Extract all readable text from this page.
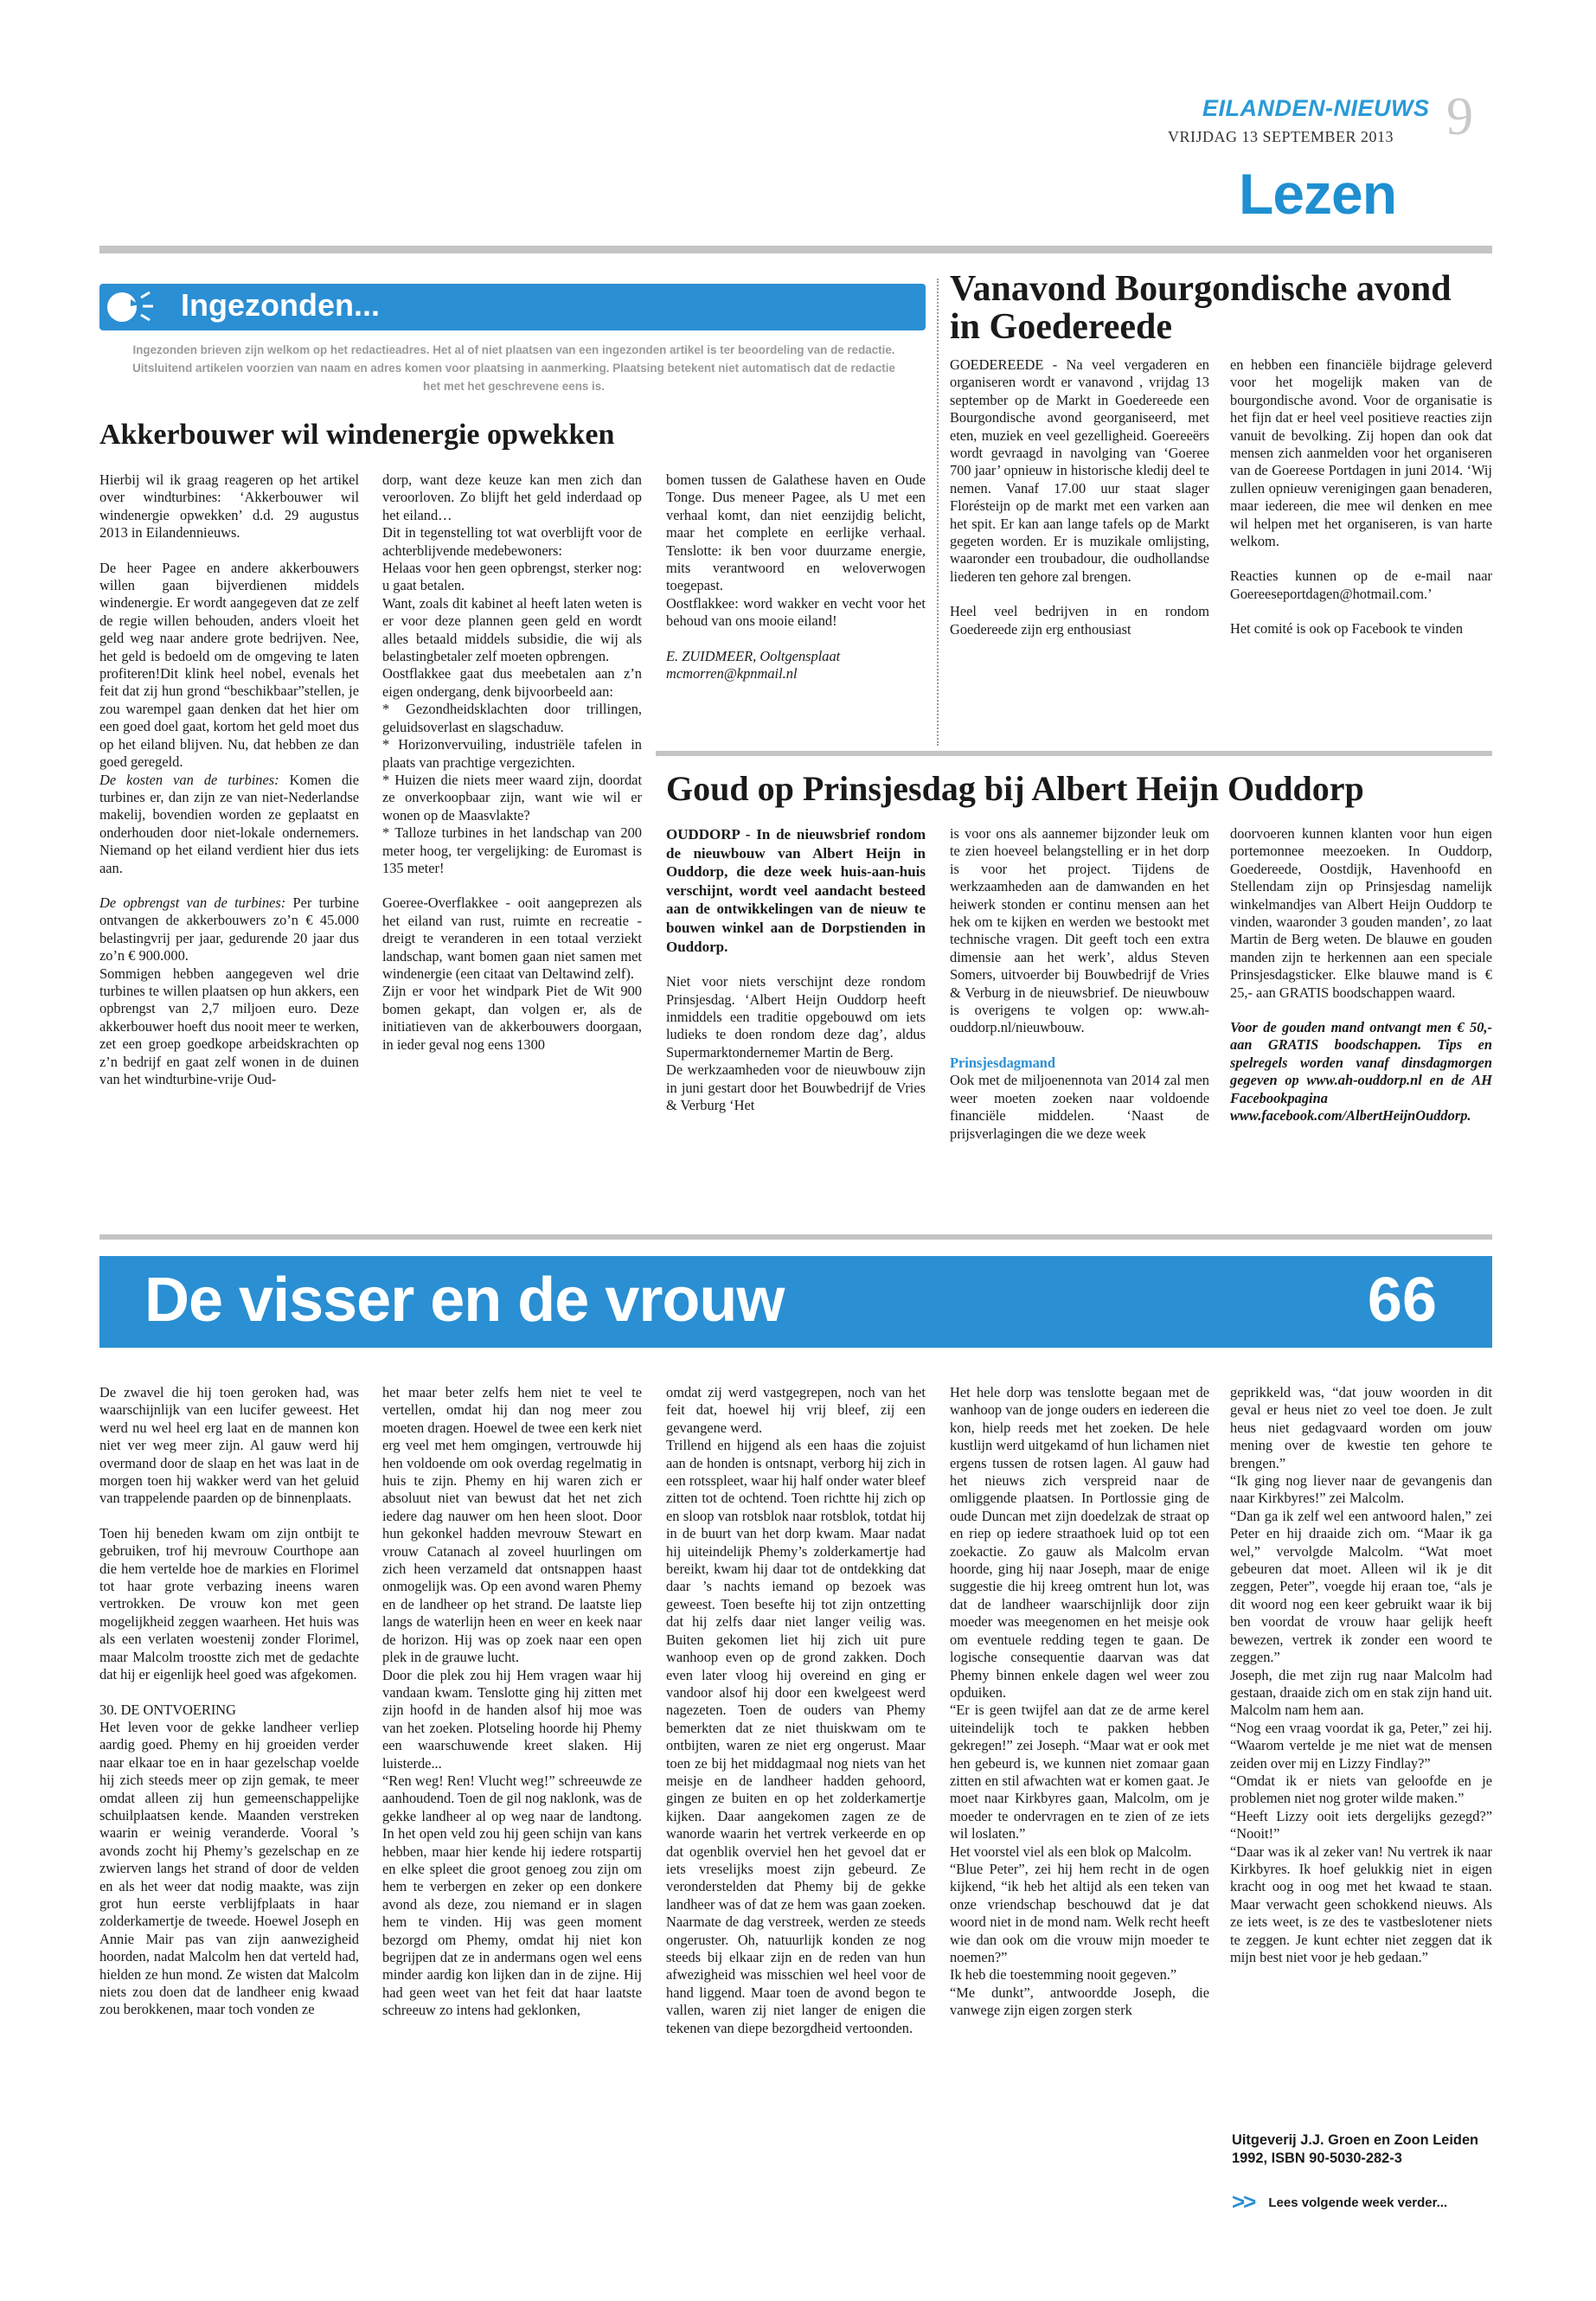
EILANDEN-NIEUWS
VRIJDAG 13 SEPTEMBER 2013 9
Lezen
Ingezonden...
Ingezonden brieven zijn welkom op het redactieadres. Het al of niet plaatsen van een ingezonden artikel is ter beoordeling van de redactie.
Uitsluitend artikelen voorzien van naam en adres komen voor plaatsing in aanmerking. Plaatsing betekent niet automatisch dat de redactie
het met het geschrevene eens is.
Akkerbouwer wil windenergie opwekken

Hierbij wil ik graag reageren op het artikel over windturbines: ‘Akkerbouwer wil windenergie opwekken’ d.d. 29 augustus 2013 in Eilandennieuws.

De heer Pagee en andere akkerbouwers willen gaan bijverdienen middels windenergie. Er wordt aangegeven dat ze zelf de regie willen behouden, anders vloeit het geld weg naar andere grote bedrijven. Nee, het geld is bedoeld om de omgeving te laten profiteren!Dit klink heel nobel, evenals het feit dat zij hun grond “beschikbaar”stellen, je zou warempel gaan denken dat het hier om een goed doel gaat, kortom het geld moet dus op het eiland blijven. Nu, dat hebben ze dan goed geregeld.

De kosten van de turbines: Komen die turbines er, dan zijn ze van niet-Nederlandse makelij, bovendien worden ze geplaatst en onderhouden door niet-lokale ondernemers. Niemand op het eiland verdient hier dus iets aan.

De opbrengst van de turbines: Per turbine ontvangen de akkerbouwers zo’n € 45.000 belastingvrij per jaar, gedurende 20 jaar dus zo’n € 900.000.

Sommigen hebben aangegeven wel drie turbines te willen plaatsen op hun akkers, een opbrengst van 2,7 miljoen euro. Deze akkerbouwer hoeft dus nooit meer te werken, zet een groep goedkope arbeidskrachten op z’n bedrijf en gaat zelf wonen in de duinen van het windturbine-vrije Oud-

dorp, want deze keuze kan men zich dan veroorloven. Zo blijft het geld inderdaad op het eiland…

Dit in tegenstelling tot wat overblijft voor de achterblijvende medebewoners:

Helaas voor hen geen opbrengst, sterker nog: u gaat betalen.

Want, zoals dit kabinet al heeft laten weten is er voor deze plannen geen geld en wordt alles betaald middels subsidie, die wij als belastingbetaler zelf moeten opbrengen.

Oostflakkee gaat dus meebetalen aan z’n eigen ondergang, denk bijvoorbeeld aan:

* Gezondheidsklachten door trillingen, geluidsoverlast en slagschaduw.

* Horizonvervuiling, industriële tafelen in plaats van prachtige vergezichten.

* Huizen die niets meer waard zijn, doordat ze onverkoopbaar zijn, want wie wil er wonen op de Maasvlakte?

* Talloze turbines in het landschap van 200 meter hoog, ter vergelijking: de Euromast is 135 meter!

Goeree-Overflakkee - ooit aangeprezen als het eiland van rust, ruimte en recreatie - dreigt te veranderen in een totaal verziekt landschap, want bomen gaan niet samen met windenergie (een citaat van Deltawind zelf).

Zijn er voor het windpark Piet de Wit 900 bomen gekapt, dan volgen er, als de initiatieven van de akkerbouwers doorgaan, in ieder geval nog eens 1300

bomen tussen de Galathese haven en Oude Tonge. Dus meneer Pagee, als U met een verhaal komt, dan niet eenzijdig belicht, maar het complete en eerlijke verhaal. Tenslotte: ik ben voor duurzame energie, mits verantwoord en weloverwogen toegepast.

Oostflakkee: word wakker en vecht voor het behoud van ons mooie eiland!

E. ZUIDMEER, Ooltgensplaat

mcmorren@kpnmail.nl

Vanavond Bourgondische avond
in Goedereede

GOEDEREEDE - Na veel vergaderen en organiseren wordt er vanavond , vrijdag 13 september op de Markt in Goedereede een Bourgondische avond georganiseerd, met eten, muziek en veel gezelligheid. Goereeërs wordt gevraagd in navolging van ‘Goeree 700 jaar’ opnieuw in historische kledij deel te nemen. Vanaf 17.00 uur staat slager Florésteijn op de markt met een varken aan het spit. Er kan aan lange tafels op de Markt gegeten worden. Er is muzikale omlijsting, waaronder een troubadour, die oudhollandse liederen ten gehore zal brengen.

Heel veel bedrijven in en rondom Goedereede zijn erg enthousiast

en hebben een financiële bijdrage geleverd voor het mogelijk maken van de bourgondische avond. Voor de organisatie is het fijn dat er heel veel positieve reacties zijn vanuit de bevolking. Zij hopen dan ook dat mensen zich aanmelden voor het organiseren van de Goereese Portdagen in juni 2014. ‘Wij zullen opnieuw verenigingen gaan benaderen, maar iedereen, die mee wil denken en mee wil helpen met het organiseren, is van harte welkom.

Reacties kunnen op de e-mail naar Goereeseportdagen@hotmail.com.’

Het comité is ook op Facebook te vinden

Goud op Prinsjesdag bij Albert Heijn Ouddorp

OUDDORP - In de nieuwsbrief rondom de nieuwbouw van Albert Heijn in Ouddorp, die deze week huis-aan-huis verschijnt, wordt veel aandacht besteed aan de ontwikkelingen van de nieuw te bouwen winkel aan de Dorpstienden in Ouddorp.

Niet voor niets verschijnt deze rondom Prinsjesdag. ‘Albert Heijn Ouddorp heeft inmiddels een traditie opgebouwd om iets ludieks te doen rondom deze dag’, aldus Supermarktondernemer Martin de Berg.

De werkzaamheden voor de nieuwbouw zijn in juni gestart door het Bouwbedrijf de Vries & Verburg ‘Het

is voor ons als aannemer bijzonder leuk om te zien hoeveel belangstelling er in het dorp is voor het project. Tijdens de werkzaamheden aan de damwanden en het heiwerk stonden er continu mensen aan het hek om te kijken en werden we bestookt met technische vragen. Dit geeft toch een extra dimensie aan het werk’, aldus Steven Somers, uitvoerder bij Bouwbedrijf de Vries & Verburg in de nieuwsbrief. De nieuwbouw is overigens te volgen op: www.ah-ouddorp.nl/nieuwbouw.

Prinsjesdagmand

Ook met de miljoenennota van 2014 zal men weer moeten zoeken naar voldoende financiële middelen. ‘Naast de prijsverlagingen die we deze week

doorvoeren kunnen klanten voor hun eigen portemonnee meezoeken. In Ouddorp, Goedereede, Oostdijk, Havenhoofd en Stellendam zijn op Prinsjesdag namelijk winkelmandjes van Albert Heijn Ouddorp te vinden, waaronder 3 gouden manden’, zo laat Martin de Berg weten. De blauwe en gouden manden zijn te herkennen aan een speciale Prinsjesdagsticker. Elke blauwe mand is € 25,- aan GRATIS boodschappen waard.

Voor de gouden mand ontvangt men € 50,- aan GRATIS boodschappen. Tips en spelregels worden vanaf dinsdagmorgen gegeven op www.ah-ouddorp.nl en de AH Facebookpagina www.facebook.com/AlbertHeijnOuddorp.

De visser en de vrouw	66

De zwavel die hij toen geroken had, was waarschijnlijk van een lucifer geweest. Het werd nu wel heel erg laat en de mannen kon niet ver weg meer zijn. Al gauw werd hij overmand door de slaap en het was laat in de morgen toen hij wakker werd van het geluid van trappelende paarden op de binnenplaats.

Toen hij beneden kwam om zijn ontbijt te gebruiken, trof hij mevrouw Courthope aan die hem vertelde hoe de markies en Florimel tot haar grote verbazing ineens waren vertrokken. De vrouw kon met geen mogelijkheid zeggen waarheen. Het huis was als een verlaten woestenij zonder Florimel, maar Malcolm troostte zich met de gedachte dat hij er eigenlijk heel goed was afgekomen.

30. DE ONTVOERING

Het leven voor de gekke landheer verliep aardig goed. Phemy en hij groeiden verder naar elkaar toe en in haar gezelschap voelde hij zich steeds meer op zijn gemak, te meer omdat alleen zij hun gemeenschappelijke schuilplaatsen kende. Maanden verstreken waarin er weinig veranderde. Vooral ’s avonds zocht hij Phemy’s gezelschap en ze zwierven langs het strand of door de velden en als het weer dat nodig maakte, was zijn grot hun eerste verblijfplaats in haar zolderkamertje de tweede. Hoewel Joseph en Annie Mair pas van zijn aanwezigheid hoorden, nadat Malcolm hen dat verteld had, hielden ze hun mond. Ze wisten dat Malcolm niets zou doen dat de landheer enig kwaad zou berokkenen, maar toch vonden ze

het maar beter zelfs hem niet te veel te vertellen, omdat hij dan nog meer zou moeten dragen. Hoewel de twee een kerk niet erg veel met hem omgingen, vertrouwde hij hen voldoende om ook overdag regelmatig in huis te zijn. Phemy en hij waren zich er absoluut niet van bewust dat het net zich iedere dag nauwer om hen heen sloot. Door hun gekonkel hadden mevrouw Stewart en vrouw Catanach al zoveel huurlingen om zich heen verzameld dat ontsnappen haast onmogelijk was. Op een avond waren Phemy en de landheer op het strand. De laatste liep langs de waterlijn heen en weer en keek naar de horizon. Hij was op zoek naar een open plek in de grauwe lucht.

Door die plek zou hij Hem vragen waar hij vandaan kwam. Tenslotte ging hij zitten met zijn hoofd in de handen alsof hij moe was van het zoeken. Plotseling hoorde hij Phemy een waarschuwende kreet slaken. Hij luisterde...

“Ren weg! Ren! Vlucht weg!” schreeuwde ze aanhoudend. Toen de gil nog naklonk, was de gekke landheer al op weg naar de landtong. In het open veld zou hij geen schijn van kans hebben, maar hier kende hij iedere rotspartij en elke spleet die groot genoeg zou zijn om hem te verbergen en zeker op een donkere avond als deze, zou niemand er in slagen hem te vinden. Hij was geen moment bezorgd om Phemy, omdat hij niet kon begrijpen dat ze in andermans ogen wel eens minder aardig kon lijken dan in de zijne. Hij had geen weet van het feit dat haar laatste schreeuw zo intens had geklonken,

omdat zij werd vastgegrepen, noch van het feit dat, hoewel hij vrij bleef, zij een gevangene werd.

Trillend en hijgend als een haas die zojuist aan de honden is ontsnapt, verborg hij zich in een rotsspleet, waar hij half onder water bleef zitten tot de ochtend. Toen richtte hij zich op en sloop van rotsblok naar rotsblok, totdat hij in de buurt van het dorp kwam. Maar nadat hij uiteindelijk Phemy’s zolderkamertje had bereikt, kwam hij daar tot de ontdekking dat daar ’s nachts iemand op bezoek was geweest. Toen besefte hij tot zijn ontzetting dat hij zelfs daar niet langer veilig was. Buiten gekomen liet hij zich uit pure wanhoop even op de grond zakken. Doch even later vloog hij overeind en ging er vandoor alsof hij door een kwelgeest werd nagezeten. Toen de ouders van Phemy bemerkten dat ze niet thuiskwam om te ontbijten, waren ze niet erg ongerust. Maar toen ze bij het middagmaal nog niets van het meisje en de landheer hadden gehoord, gingen ze buiten en op het zolderkamertje kijken. Daar aangekomen zagen ze de wanorde waarin het vertrek verkeerde en op dat ogenblik overviel hen het gevoel dat er iets vreselijks moest zijn gebeurd. Ze veronderstelden dat Phemy bij de gekke landheer was of dat ze hem was gaan zoeken. Naarmate de dag verstreek, werden ze steeds ongeruster. Oh, natuurlijk konden ze nog steeds bij elkaar zijn en de reden van hun afwezigheid was misschien wel heel voor de hand liggend. Maar toen de avond begon te vallen, waren zij niet langer de enigen die tekenen van diepe bezorgdheid vertoonden.

Het hele dorp was tenslotte begaan met de wanhoop van de jonge ouders en iedereen die kon, hielp reeds met het zoeken. De hele kustlijn werd uitgekamd of hun lichamen niet ergens tussen de rotsen lagen. Al gauw had het nieuws zich verspreid naar de omliggende plaatsen. In Portlossie ging de oude Duncan met zijn doedelzak de straat op en riep op iedere straathoek luid op tot een zoekactie. Zo gauw als Malcolm ervan hoorde, ging hij naar Joseph, maar de enige suggestie die hij kreeg omtrent hun lot, was dat de landheer waarschijnlijk door zijn moeder was meegenomen en het meisje ook om eventuele redding tegen te gaan. De logische consequentie daarvan was dat Phemy binnen enkele dagen wel weer zou opduiken.

“Er is geen twijfel aan dat ze de arme kerel uiteindelijk toch te pakken hebben gekregen!” zei Joseph. “Maar wat er ook met hen gebeurd is, we kunnen niet zomaar gaan zitten en stil afwachten wat er komen gaat. Je moet naar Kirkbyres gaan, Malcolm, om je moeder te ondervragen en te zien of ze iets wil loslaten.”

Het voorstel viel als een blok op Malcolm.

“Blue Peter”, zei hij hem recht in de ogen kijkend, “ik heb het altijd als een teken van onze vriendschap beschouwd dat je dat woord niet in de mond nam. Welk recht heeft wie dan ook om die vrouw mijn moeder te noemen?”

Ik heb die toestemming nooit gegeven.”

“Me dunkt”, antwoordde Joseph, die vanwege zijn eigen zorgen sterk

geprikkeld was, “dat jouw woorden in dit geval er heus niet zo veel toe doen. Je zult heus niet gedagvaard worden om jouw mening over de kwestie ten gehore te brengen.”

“Ik ging nog liever naar de gevangenis dan naar Kirkbyres!” zei Malcolm.

“Dan ga ik zelf wel een antwoord halen,” zei Peter en hij draaide zich om. “Maar ik ga wel,” vervolgde Malcolm. “Wat moet gebeuren dat moet. Alleen wil ik je dit zeggen, Peter”, voegde hij eraan toe, “als je dit woord nog een keer gebruikt waar ik bij ben voordat de vrouw haar gelijk heeft bewezen, vertrek ik zonder een woord te zeggen.”

Joseph, die met zijn rug naar Malcolm had gestaan, draaide zich om en stak zijn hand uit. Malcolm nam hem aan.

“Nog een vraag voordat ik ga, Peter,” zei hij. “Waarom vertelde je me niet wat de mensen zeiden over mij en Lizzy Findlay?”

“Omdat ik er niets van geloofde en je problemen niet nog groter wilde maken.”

“Heeft Lizzy ooit iets dergelijks gezegd?” “Nooit!”

“Daar was ik al zeker van! Nu vertrek ik naar Kirkbyres. Ik hoef gelukkig niet in eigen kracht oog in oog met het kwaad te staan. Maar verwacht geen schokkend nieuws. Als ze iets weet, is ze des te vastbeslotener niets te zeggen. Je kunt echter niet zeggen dat ik mijn best niet voor je heb gedaan.”

Uitgeverij J.J. Groen en Zoon Leiden
1992, ISBN 90-5030-282-3
>> Lees volgende week verder...
